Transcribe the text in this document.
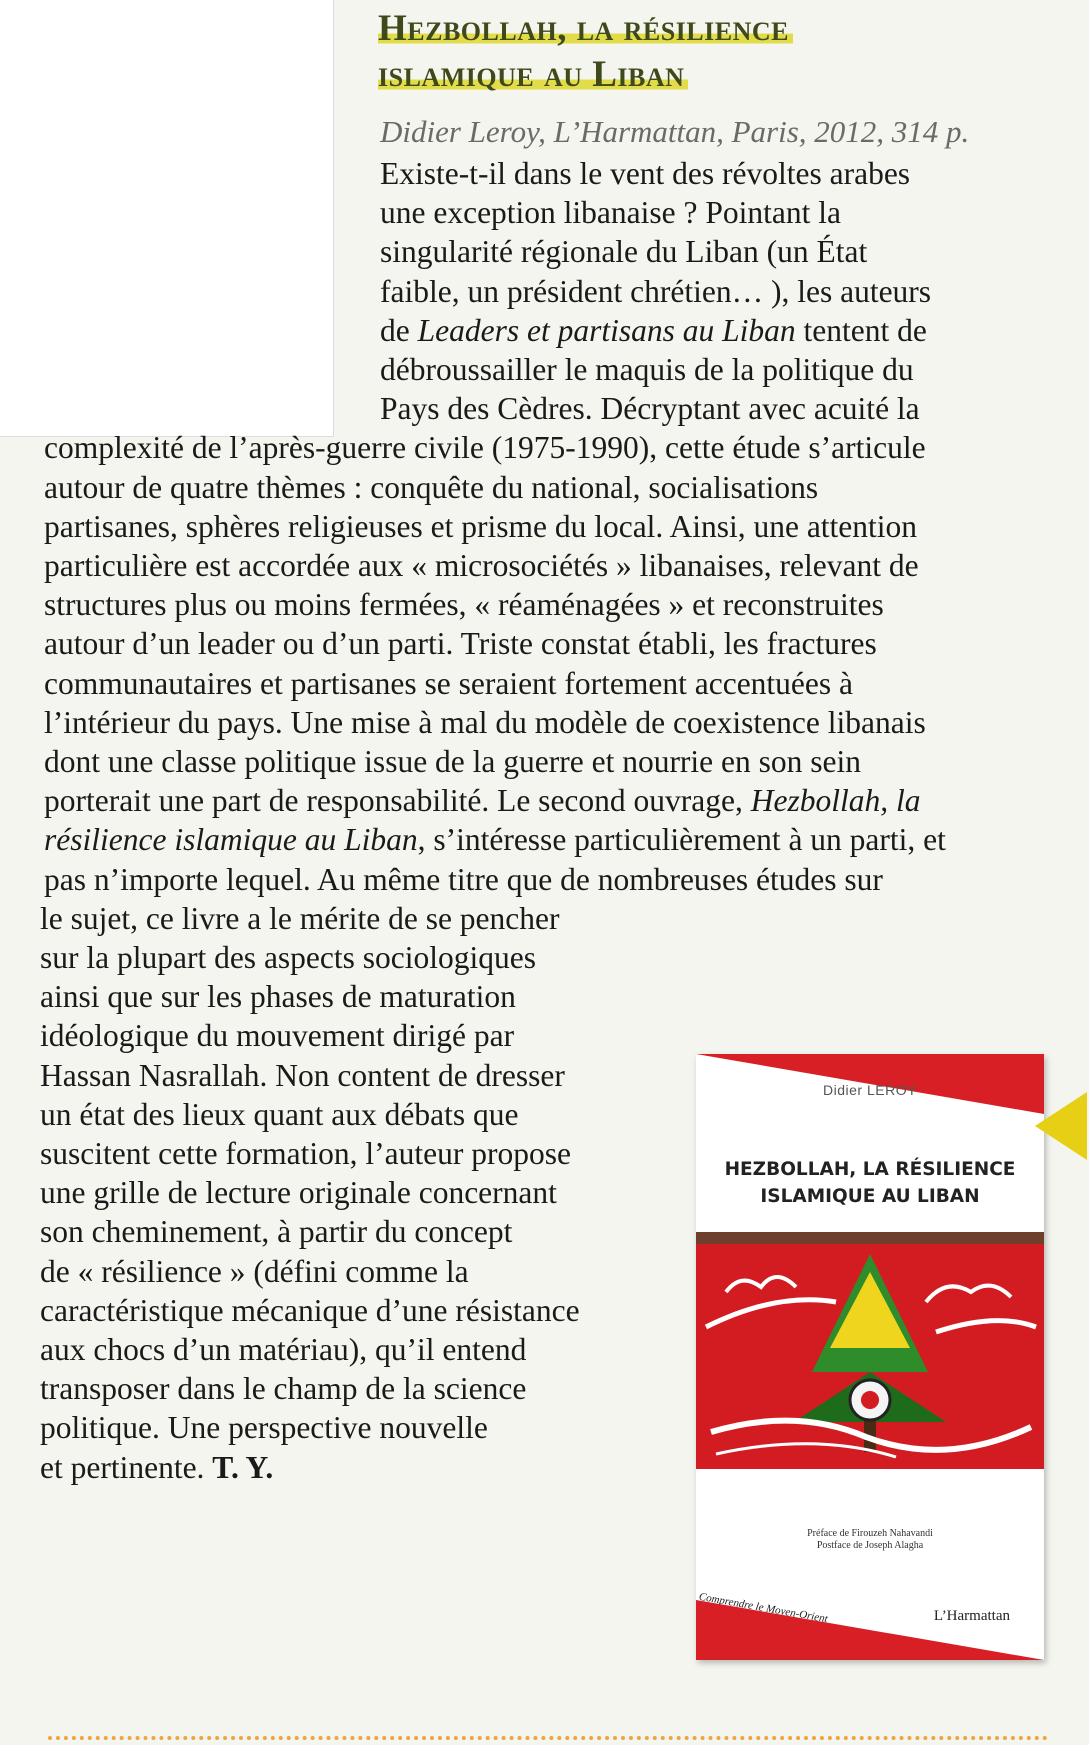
Hezbollah, la résilience
islamique au Liban

Didier Leroy, L’Harmattan, Paris, 2012, 314 p.

Existe-t-il dans le vent des révoltes arabes

une exception libanaise ? Pointant la

singularité régionale du Liban (un État

faible, un président chrétien… ), les auteurs

de Leaders et partisans au Liban tentent de

débroussailler le maquis de la politique du

Pays des Cèdres. Décryptant avec acuité la

complexité de l’après-guerre civile (1975-1990), cette étude s’articule

autour de quatre thèmes : conquête du national, socialisations

partisanes, sphères religieuses et prisme du local. Ainsi, une attention

particulière est accordée aux « microsociétés » libanaises, relevant de

structures plus ou moins fermées, « réaménagées » et reconstruites

autour d’un leader ou d’un parti. Triste constat établi, les fractures

communautaires et partisanes se seraient fortement accentuées à

l’intérieur du pays. Une mise à mal du modèle de coexistence libanais

dont une classe politique issue de la guerre et nourrie en son sein

porterait une part de responsabilité. Le second ouvrage, Hezbollah, la

résilience islamique au Liban, s’intéresse particulièrement à un parti, et

pas n’importe lequel. Au même titre que de nombreuses études sur

le sujet, ce livre a le mérite de se pencher

sur la plupart des aspects sociologiques

ainsi que sur les phases de maturation

idéologique du mouvement dirigé par

Hassan Nasrallah. Non content de dresser

un état des lieux quant aux débats que

suscitent cette formation, l’auteur propose

une grille de lecture originale concernant

son cheminement, à partir du concept

de « résilience » (défini comme la

caractéristique mécanique d’une résistance

aux chocs d’un matériau), qu’il entend

transposer dans le champ de la science

politique. Une perspective nouvelle

et pertinente. T. Y.

Didier LEROY
HEZBOLLAH, LA RÉSILIENCE
ISLAMIQUE AU LIBAN
Préface de Firouzeh Nahavandi
Postface de Joseph Alagha
Comprendre le Moyen-Orient	L’Harmattan
